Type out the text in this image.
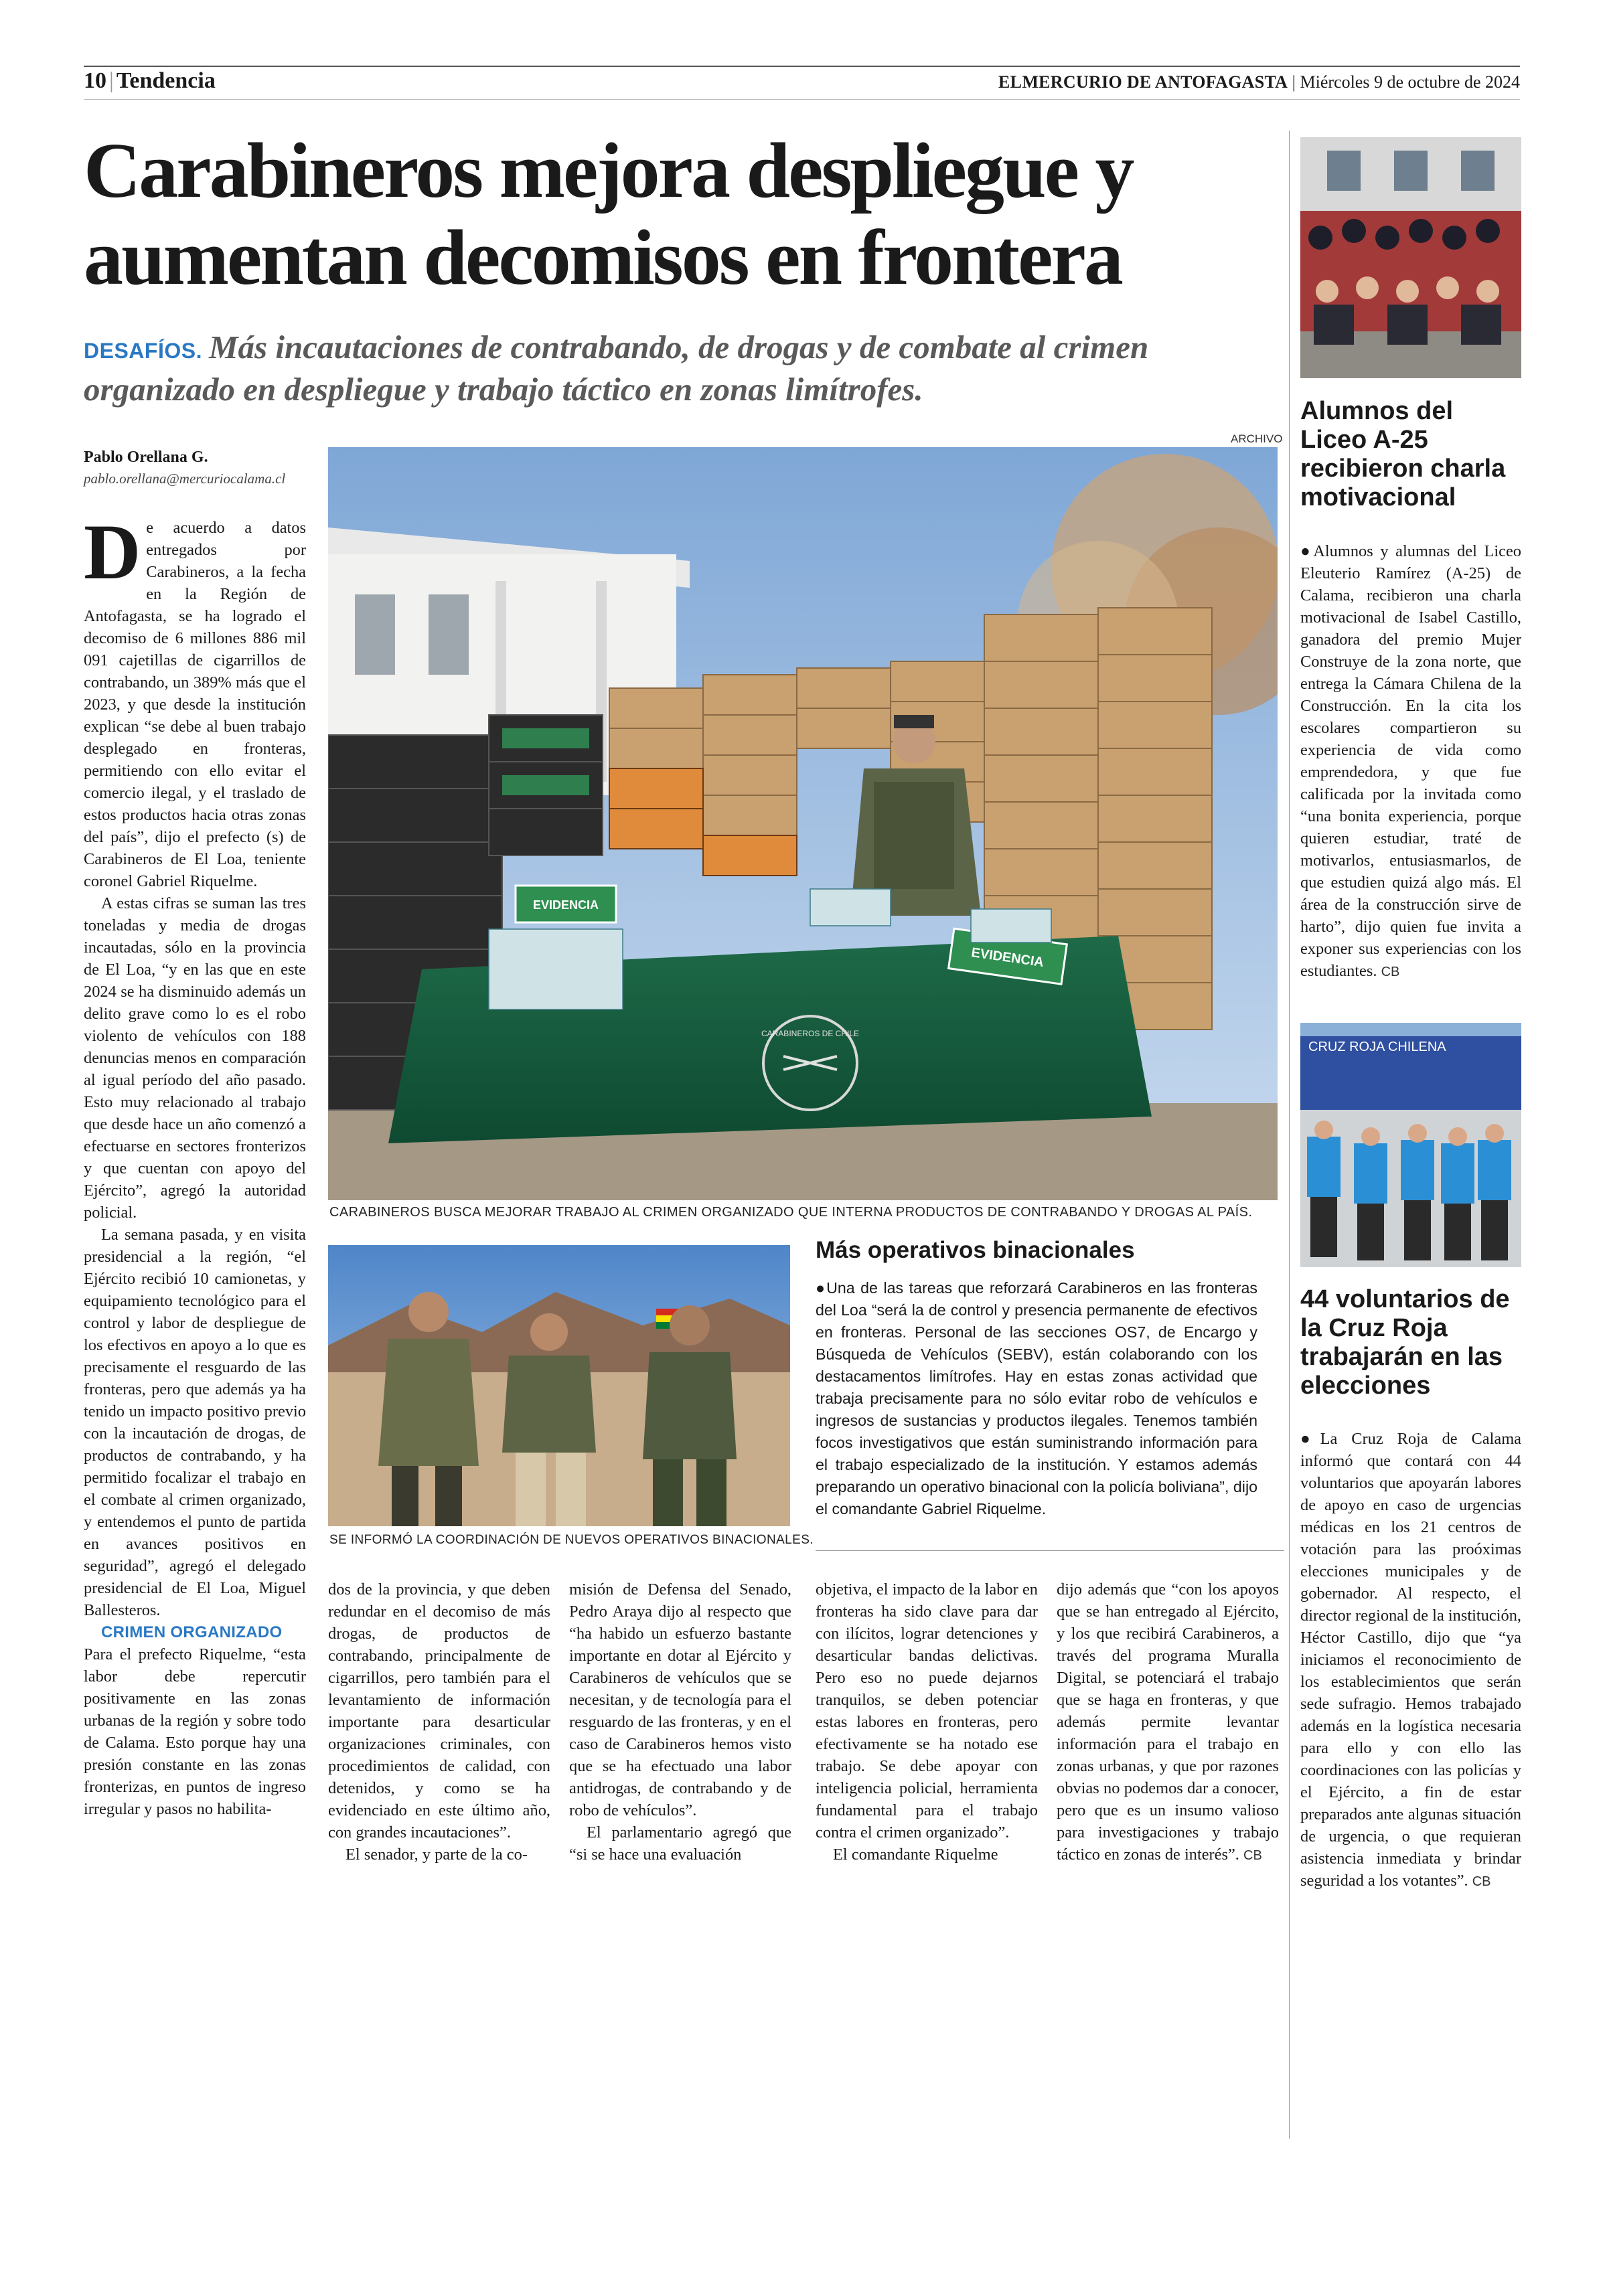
10 | Tendencia	ELMERCURIO DE ANTOFAGASTA | Miércoles 9 de octubre de 2024
Carabineros mejora despliegue y
aumentan decomisos en frontera
DESAFÍOS. Más incautaciones de contrabando, de drogas y de combate al crimen organizado en despliegue y trabajo táctico en zonas limítrofes.
Pablo Orellana G.
pablo.orellana@mercuriocalama.cl

De acuerdo a datos entregados por Carabineros, a la fecha en la Región de Antofagasta, se ha logrado el decomiso de 6 millones 886 mil 091 cajetillas de cigarrillos de contrabando, un 389% más que el 2023, y que desde la institución explican “se debe al buen trabajo desplegado en fronteras, permitiendo con ello evitar el comercio ilegal, y el traslado de estos productos hacia otras zonas del país”, dijo el prefecto (s) de Carabineros de El Loa, teniente coronel Gabriel Riquelme.

A estas cifras se suman las tres toneladas y media de drogas incautadas, sólo en la provincia de El Loa, “y en las que en este 2024 se ha disminuido además un delito grave como lo es el robo violento de vehículos con 188 denuncias menos en comparación al igual período del año pasado. Esto muy relacionado al trabajo que desde hace un año comenzó a efectuarse en sectores fronterizos y que cuentan con apoyo del Ejército”, agregó la autoridad policial.

La semana pasada, y en visita presidencial a la región, “el Ejército recibió 10 camionetas, y equipamiento tecnológico para el control y labor de despliegue de los efectivos en apoyo a lo que es precisamente el resguardo de las fronteras, pero que además ya ha tenido un impacto positivo previo con la incautación de drogas, de productos de contrabando, y ha permitido focalizar el trabajo en el combate al crimen organizado, y entendemos el punto de partida en avances positivos en seguridad”, agregó el delegado presidencial de El Loa, Miguel Ballesteros.

CRIMEN ORGANIZADO

Para el prefecto Riquelme, “esta labor debe repercutir positivamente en las zonas urbanas de la región y sobre todo de Calama. Esto porque hay una presión constante en las zonas fronterizas, en puntos de ingreso irregular y pasos no habilita-

ARCHIVO
EVIDENCIA
EVIDENCIA
CARABINEROS DE CHILE
CARABINEROS BUSCA MEJORAR TRABAJO AL CRIMEN ORGANIZADO QUE INTERNA PRODUCTOS DE CONTRABANDO Y DROGAS AL PAÍS.
SE INFORMÓ LA COORDINACIÓN DE NUEVOS OPERATIVOS BINACIONALES.
Más operativos binacionales
●Una de las tareas que reforzará Carabineros en las fronteras del Loa “será la de control y presencia permanente de efectivos en fronteras. Personal de las secciones OS7, de Encargo y Búsqueda de Vehículos (SEBV), están colaborando con los destacamentos limítrofes. Hay en estas zonas actividad que trabaja precisamente para no sólo evitar robo de vehículos e ingresos de sustancias y productos ilegales. Tenemos también focos investigativos que están suministrando información para el trabajo especializado de la institución. Y estamos además preparando un operativo binacional con la policía boliviana”, dijo el comandante Gabriel Riquelme.

dos de la provincia, y que deben redundar en el decomiso de más drogas, de productos de contrabando, principalmente de cigarrillos, pero también para el levantamiento de información importante para desarticular organizaciones criminales, con procedimientos de calidad, con detenidos, y como se ha evidenciado en este último año, con grandes incautaciones”.

El senador, y parte de la co-

misión de Defensa del Senado, Pedro Araya dijo al respecto que “ha habido un esfuerzo bastante importante en dotar al Ejército y Carabineros de vehículos que se necesitan, y de tecnología para el resguardo de las fronteras, y en el caso de Carabineros hemos visto que se ha efectuado una labor antidrogas, de contrabando y de robo de vehículos”.

El parlamentario agregó que “si se hace una evaluación

objetiva, el impacto de la labor en fronteras ha sido clave para dar con ilícitos, lograr detenciones y desarticular bandas delictivas. Pero eso no puede dejarnos tranquilos, se deben potenciar estas labores en fronteras, pero efectivamente se ha notado ese trabajo. Se debe apoyar con inteligencia policial, herramienta fundamental para el trabajo contra el crimen organizado”.

El comandante Riquelme

dijo además que “con los apoyos que se han entregado al Ejército, y los que recibirá Carabineros, a través del programa Muralla Digital, se potenciará el trabajo que se haga en fronteras, y que además permite levantar información para el trabajo en zonas urbanas, y que por razones obvias no podemos dar a conocer, pero que es un insumo valioso para investigaciones y trabajo táctico en zonas de interés”. CB

Alumnos del Liceo A-25 recibieron charla motivacional
●Alumnos y alumnas del Liceo Eleuterio Ramírez (A-25) de Calama, recibieron una charla motivacional de Isabel Castillo, ganadora del premio Mujer Construye de la zona norte, que entrega la Cámara Chilena de la Construcción. En la cita los escolares compartieron su experiencia de vida como emprendedora, y que fue calificada por la invitada como “una bonita experiencia, porque quieren estudiar, traté de motivarlos, entusiasmarlos, de que estudien quizá algo más. El área de la construcción sirve de harto”, dijo quien fue invita a exponer sus experiencias con los estudiantes. CB
CRUZ ROJA CHILENA
44 voluntarios de la Cruz Roja trabajarán en las elecciones
●La Cruz Roja de Calama informó que contará con 44 voluntarios que apoyarán labores de apoyo en caso de urgencias médicas en los 21 centros de votación para las proóximas elecciones municipales y de gobernador. Al respecto, el director regional de la institución, Héctor Castillo, dijo que “ya iniciamos el reconocimiento de los establecimientos que serán sede sufragio. Hemos trabajado además en la logística necesaria para ello y con ello las coordinaciones con las policías y el Ejército, a fin de estar preparados ante algunas situación de urgencia, o que requieran asistencia inmediata y brindar seguridad a los votantes”. CB
